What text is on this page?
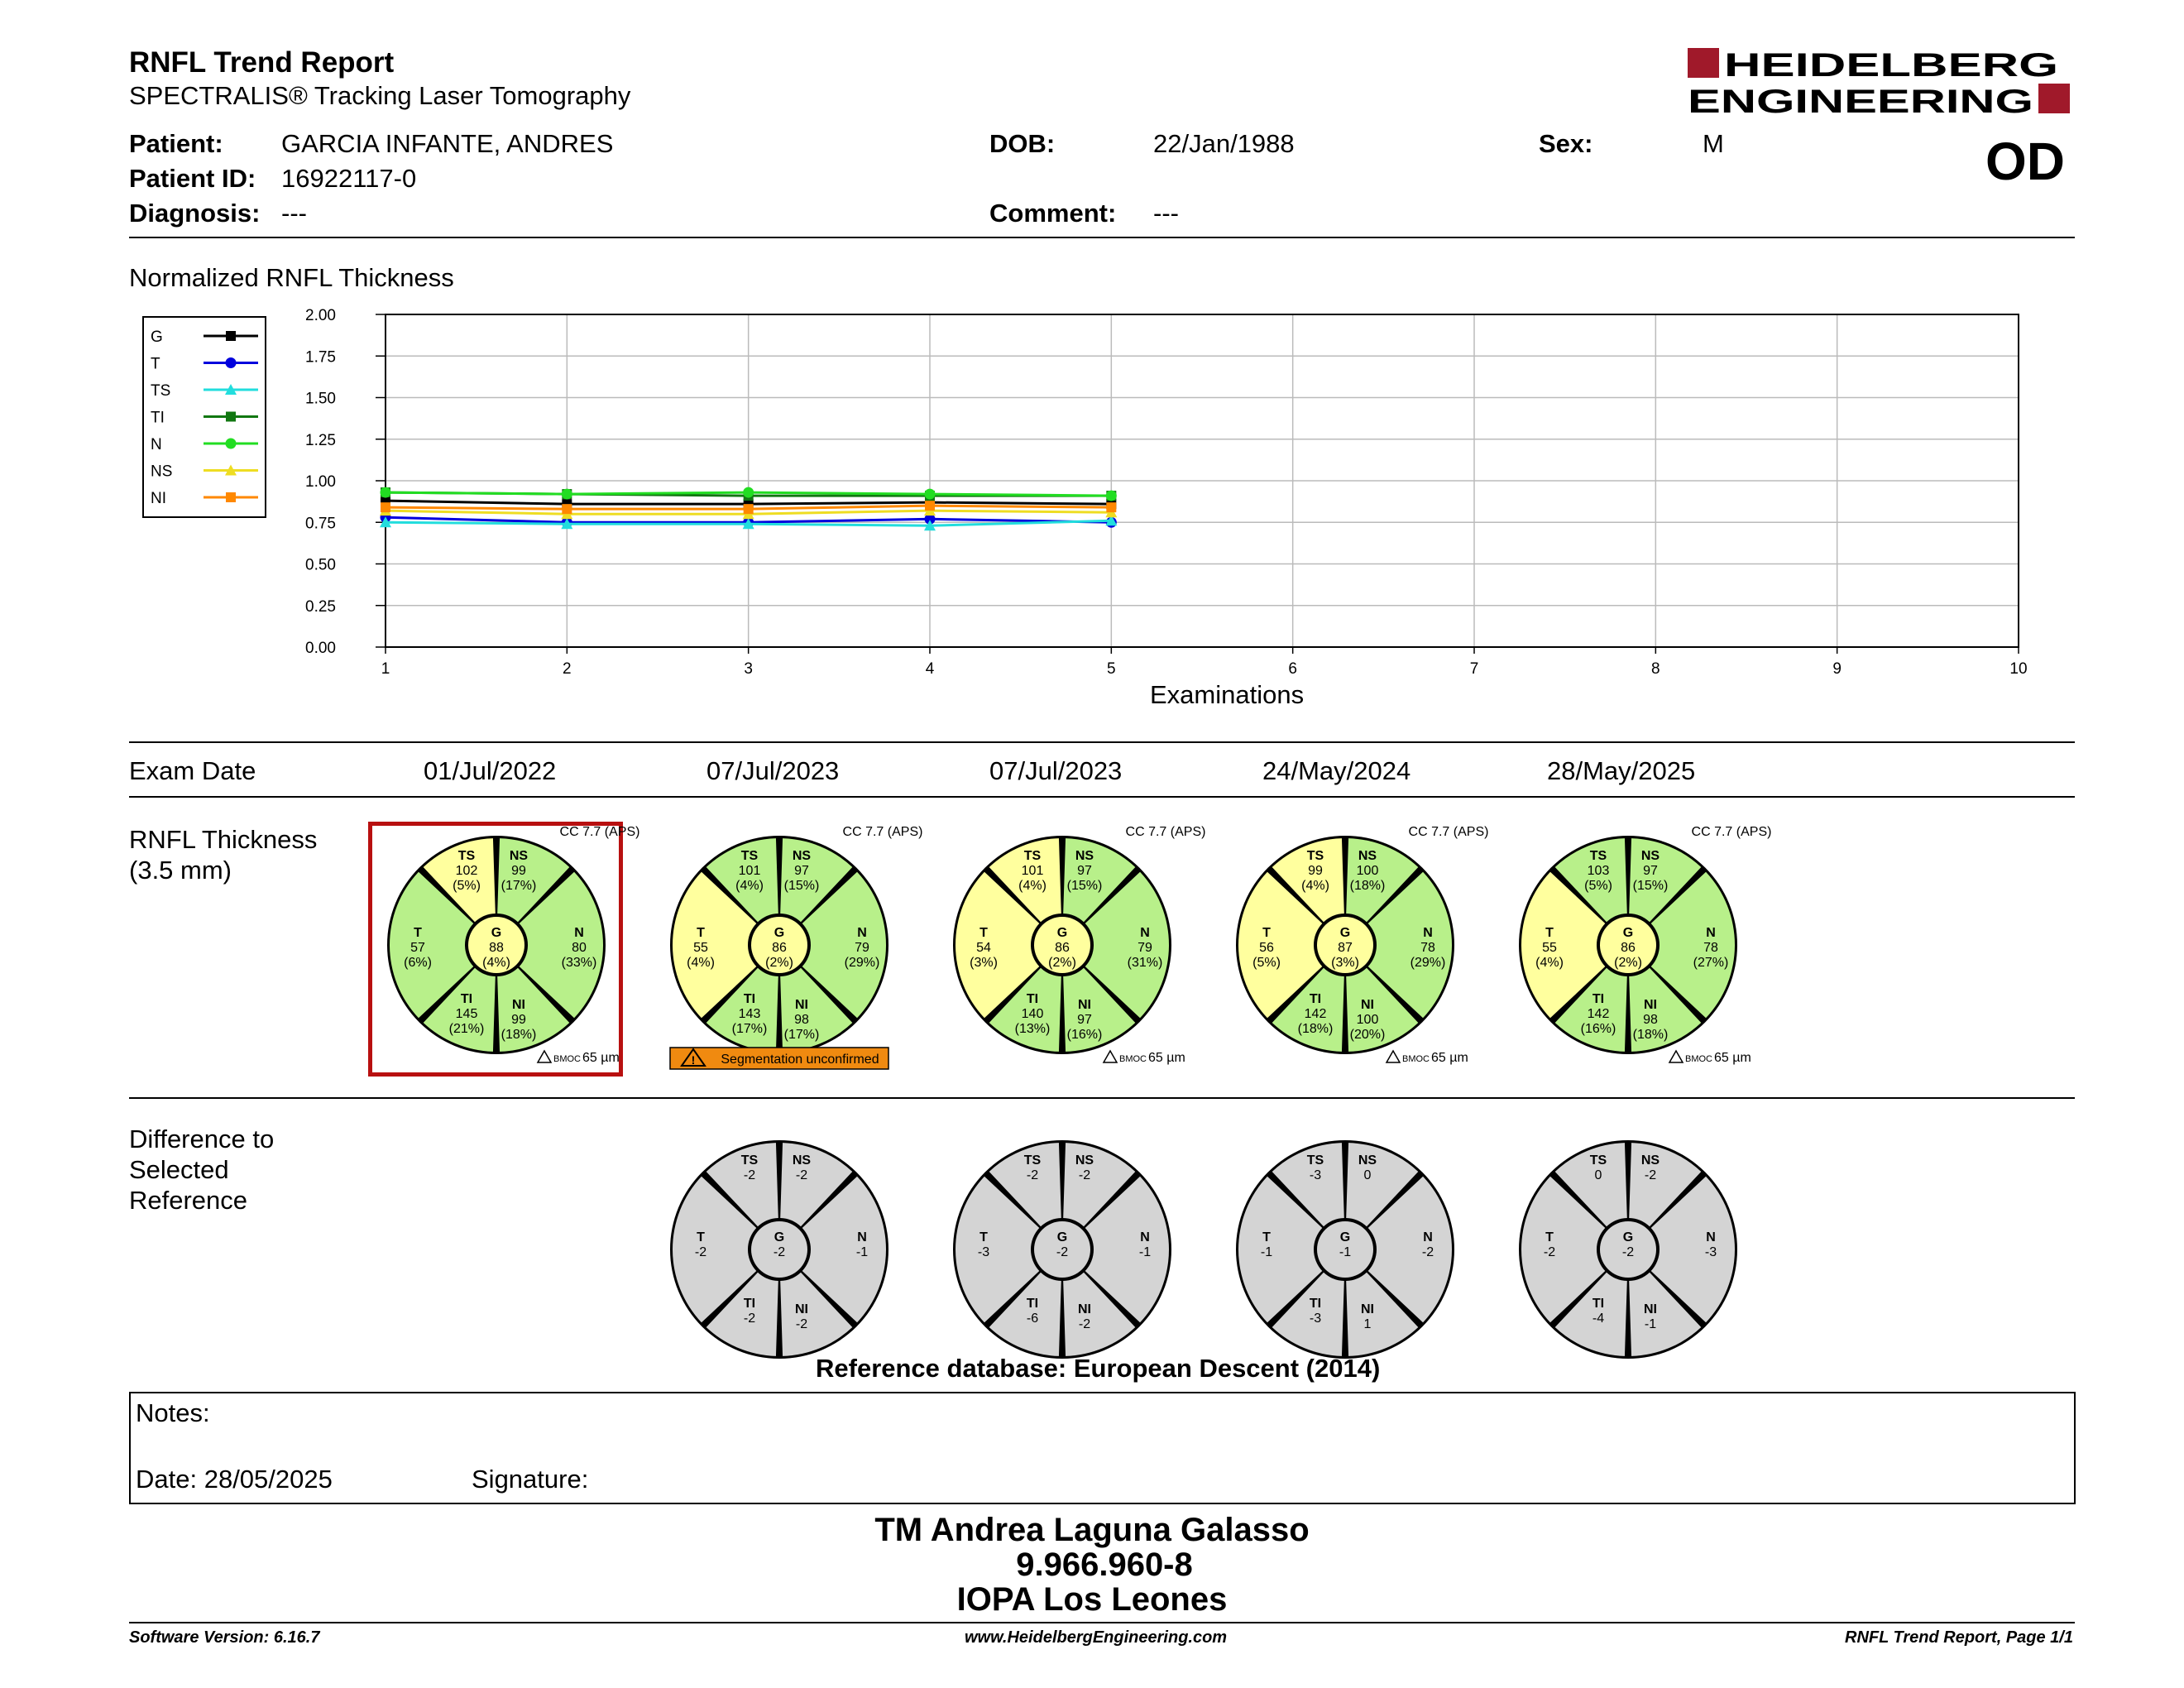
RNFL Trend Report
SPECTRALIS® Tracking Laser Tomography
HEIDELBERG
ENGINEERING
OD
Patient: GARCIA INFANTE, ANDRES
Patient ID: 16922117-0
Diagnosis: ---
DOB:	22/Jan/1988
Comment: ---
Sex:	M
Normalized RNFL Thickness
G
T
TS
TI
N
NS
NI
0.00
0.25
0.50
0.75
1.00
1.25
1.50
1.75
2.00
1	2	3	4	5	6	7	8	9	10
Examinations
Exam Date	01/Jul/2022	07/Jul/2023	07/Jul/2023	24/May/2024	28/May/2025
RNFL Thickness
(3.5 mm)
CC 7.7 (APS)
G
88
(4%)
TS
102
(5%)
NS
99
(17%)
N
80
(33%)
NI
99
(18%)
TI
145
(21%)
T
57
(6%)
BMOC 65 µm
CC 7.7 (APS)
G
86
(2%)
TS
101
(4%)
NS
97
(15%)
N
79
(29%)
NI
98
(17%)
TI
143
(17%)
T
55
(4%)
! Segmentation unconfirmed
CC 7.7 (APS)
G
86
(2%)
TS
101
(4%)
NS
97
(15%)
N
79
(31%)
NI
97
(16%)
TI
140
(13%)
T
54
(3%)
BMOC 65 µm
CC 7.7 (APS)
G
87
(3%)
TS
99
(4%)
NS
100
(18%)
N
78
(29%)
NI
100
(20%)
TI
142
(18%)
T
56
(5%)
BMOC 65 µm
CC 7.7 (APS)
G
86
(2%)
TS
103
(5%)
NS
97
(15%)
N
78
(27%)
NI
98
(18%)
TI
142
(16%)
T
55
(4%)
BMOC 65 µm
Difference to
Selected
Reference
G
-2
TS
-2
NS
-2
N
-1
NI
-2
TI
-2
T
-2
G
-2
TS
-2
NS
-2
N
-1
NI
-2
TI
-6
T
-3
G
-1
TS
-3
NS
0
N
-2
NI
1
TI
-3
T
-1
G
-2
TS
0
NS
-2
N
-3
NI
-1
TI
-4
T
-2
Reference database: European Descent (2014)
Notes:
Date: 28/05/2025	Signature:
TM Andrea Laguna Galasso
9.966.960-8
IOPA Los Leones
Software Version: 6.16.7	www.HeidelbergEngineering.com	RNFL Trend Report, Page 1/1
